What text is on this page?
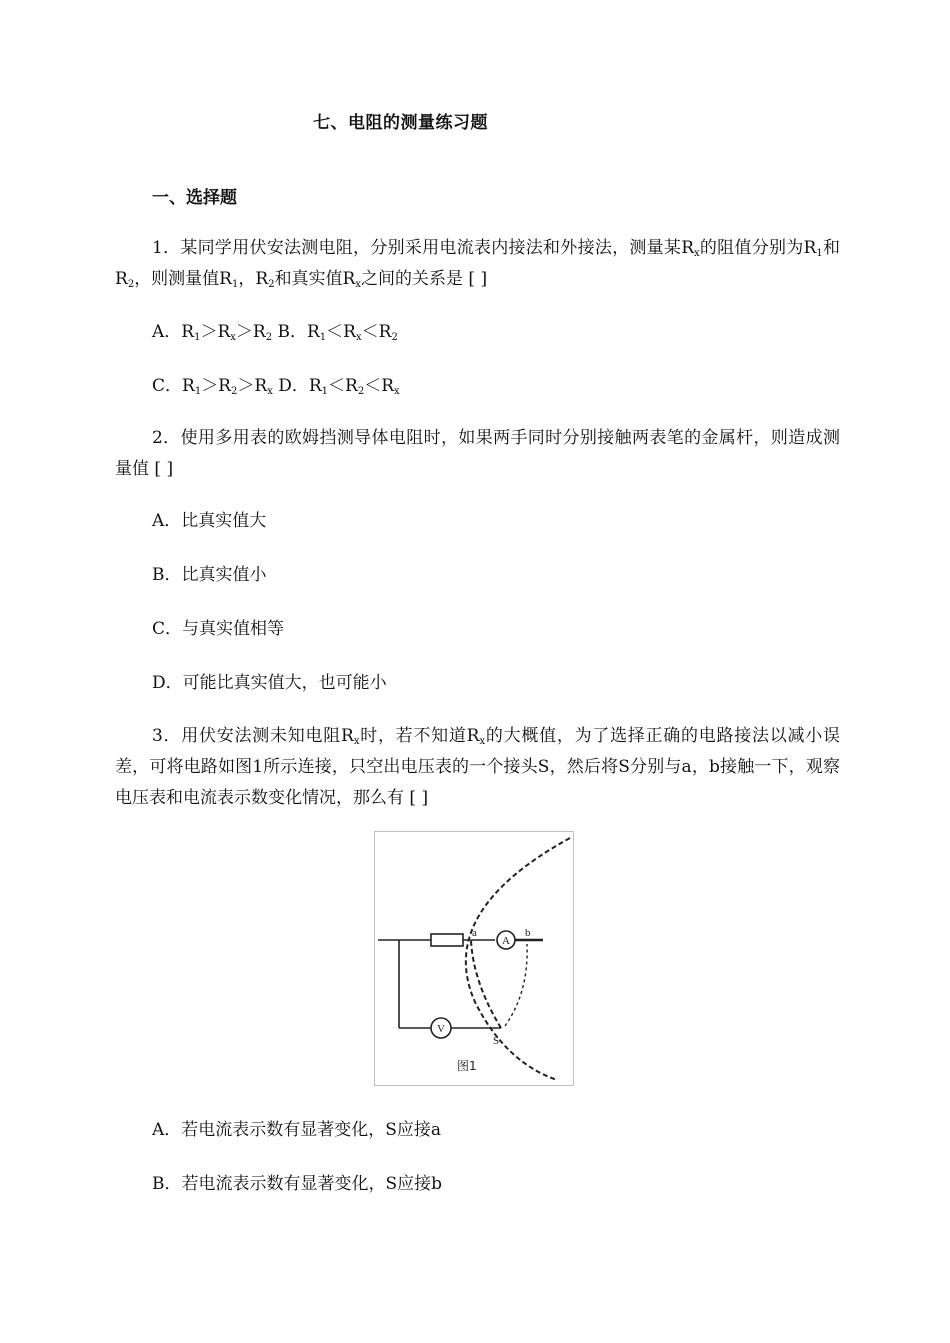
七、电阻的测量练习题
一、选择题
1．某同学用伏安法测电阻，分别采用电流表内接法和外接法，测量某$R_x$的阻值分别为$R_1$和$R_2$，则测量值$R_1$，$R_2$和真实值$R_x$之间的关系是 [ ]
A．$R_1>R_x>R_2$ B．$R_1<R_x<R_2$
C．$R_1>R_2>R_x$ D．$R_1<R_2<R_x$
2．使用多用表的欧姆挡测导体电阻时，如果两手同时分别接触两表笔的金属杆，则造成测量值 [ ]
A．比真实值大
B．比真实值小
C．与真实值相等
D．可能比真实值大，也可能小
3．用伏安法测未知电阻$R_x$时，若不知道$R_x$的大概值，为了选择正确的电路接法以减小误差，可将电路如图1所示连接，只空出电压表的一个接头S，然后将S分别与a，b接触一下，观察电压表和电流表示数变化情况，那么有 [ ]
A
V
a	b
S
图1
A．若电流表示数有显著变化，S应接a
B．若电流表示数有显著变化，S应接b
